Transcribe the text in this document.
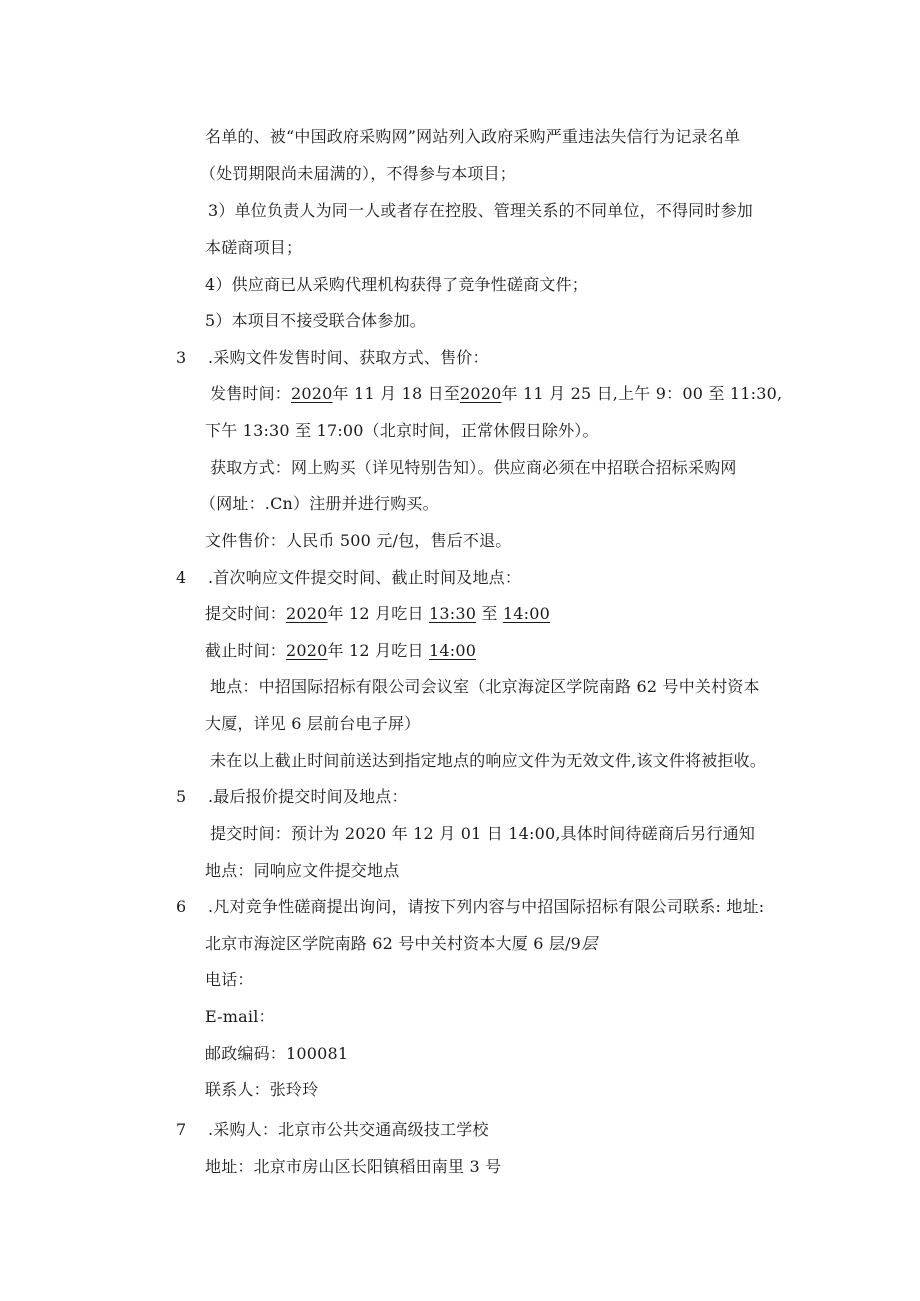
名单的、被“中国政府采购网”网站列入政府采购严重违法失信行为记录名单
（处罚期限尚未届满的），不得参与本项目；
3）单位负责人为同一人或者存在控股、管理关系的不同单位，不得同时参加
本磋商项目；
4）供应商已从采购代理机构获得了竞争性磋商文件；
5）本项目不接受联合体参加。
3 .采购文件发售时间、获取方式、售价：
发售时间：2020年 11 月 18 日至2020年 11 月 25 日,上午 9：00 至 11:30,
下午 13:30 至 17:00（北京时间，正常休假日除外）。
获取方式：网上购买（详见特别告知）。供应商必须在中招联合招标采购网
（网址：.Cn）注册并进行购买。
文件售价：人民币 500 元/包，售后不退。
4 .首次响应文件提交时间、截止时间及地点：
提交时间：2020年 12 月吃日 13:30 至 14:00
截止时间：2020年 12 月吃日 14:00
地点：中招国际招标有限公司会议室（北京海淀区学院南路 62 号中关村资本
大厦，详见 6 层前台电子屏）
未在以上截止时间前送达到指定地点的响应文件为无效文件,该文件将被拒收。
5 .最后报价提交时间及地点：
提交时间：预计为 2020 年 12 月 01 日 14:00,具体时间待磋商后另行通知
地点：同响应文件提交地点
6 .凡对竞争性磋商提出询问，请按下列内容与中招国际招标有限公司联系: 地址:
北京市海淀区学院南路 62 号中关村资本大厦 6 层/9层
电话：
E-mail：
邮政编码：100081
联系人：张玲玲
7 .采购人：北京市公共交通高级技工学校
地址：北京市房山区长阳镇稻田南里 3 号
